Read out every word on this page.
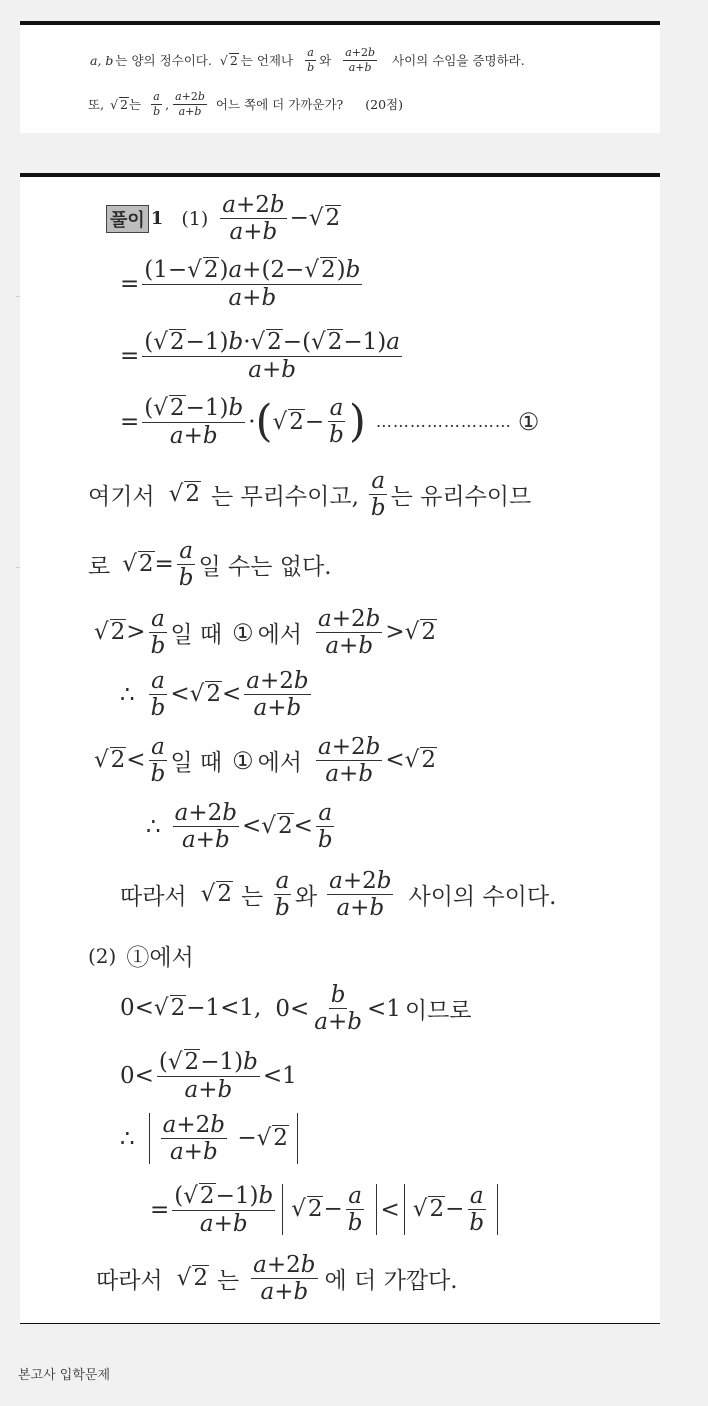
a, b 는 양의 정수이다. √ 2 는 언제나 $\frac{a}{b}$ 와 $\frac{a+2b}{a+b}$ 사이의 수임을 증명하라.
또, √ 2 는 $\frac{a}{b}$ , $\frac{a+2b}{a+b}$ 어느 쪽에 더 가까운가? (20점)
풀이 1 $(1) \frac{a+2b}{a+b} -√2$
= $\frac{(1-√2)a+(2-√2)b}{a+b}$
= $\frac{(√2-1)b\cdot√2-(√2-1)a}{a+b}$
= $\frac{(√2-1)b}{a+b}$ · ( $√2- \frac{a}{b}$ ) …………………… ①
여기서 √2 는 무리수이고, $\frac{a}{b}$ 는 유리수이므
로 $√2= \frac{a}{b}$ 일 수는 없다.
$√2> \frac{a}{b}$ 일 때 ① 에서 $\frac{a+2b}{a+b} >√2$
∴ $\frac{a}{b} <√2< \frac{a+2b}{a+b}$
$√2< \frac{a}{b}$ 일 때 ① 에서 $\frac{a+2b}{a+b} <√2$
∴ $\frac{a+2b}{a+b} <√2< \frac{a}{b}$
따라서 √2 는 $\frac{a}{b}$ 와 $\frac{a+2b}{a+b}$ 사이의 수이다.
(2) ①에서
0<√2−1<1, $0< \frac{b}{a+b} <1$ 이므로
$0< \frac{(√2-1)b}{a+b} <1$
∴ $\frac{a+2b}{a+b} -√2$
= $\frac{(√2-1)b}{a+b} √2- \frac{a}{b} < √2- \frac{a}{b}$
따라서 √2 는 $\frac{a+2b}{a+b}$ 에 더 가깝다.
본고사 입학문제
